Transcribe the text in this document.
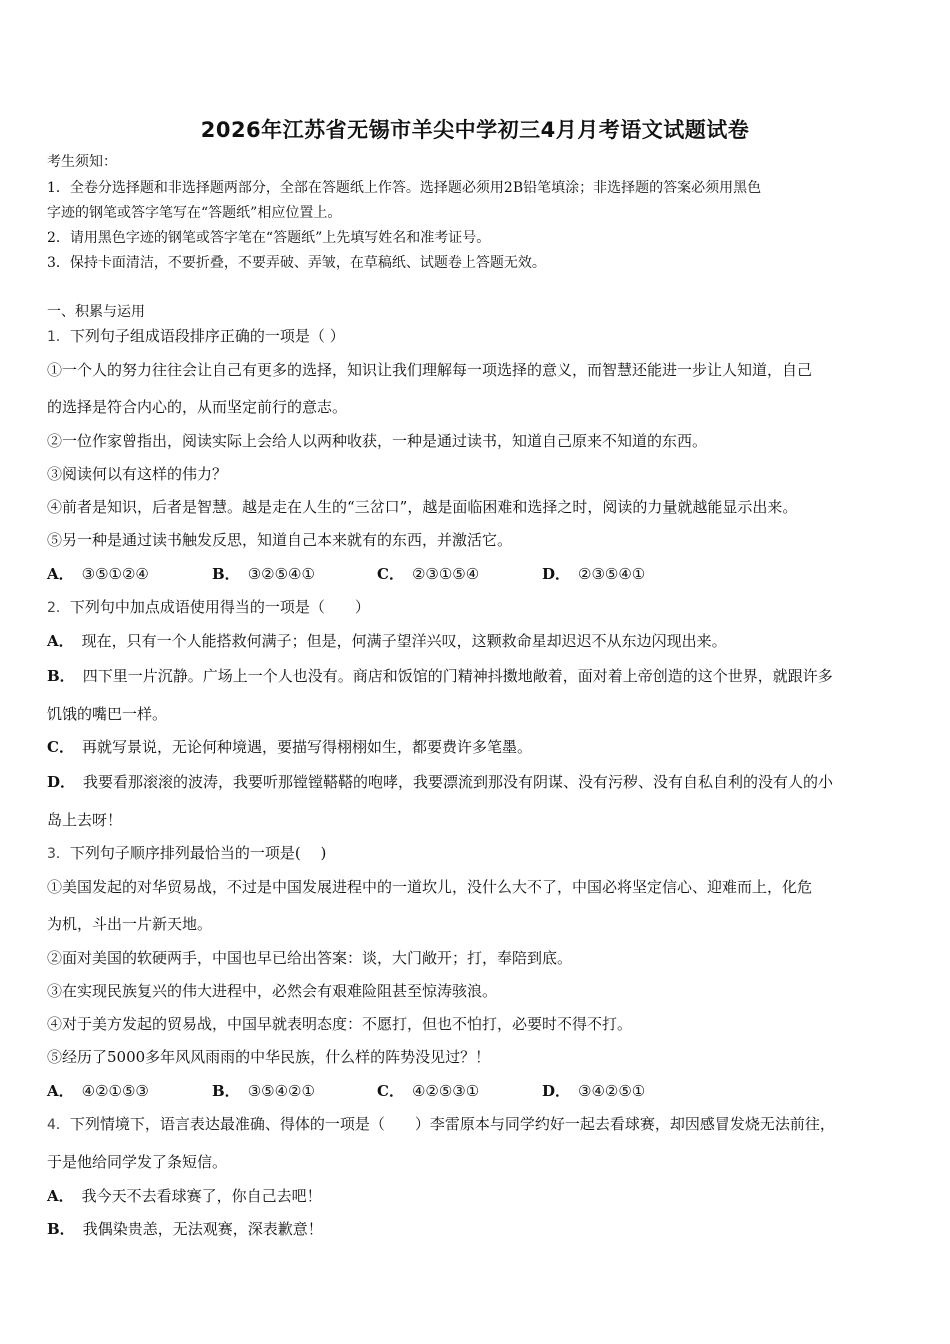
2026年江苏省无锡市羊尖中学初三4月月考语文试题试卷
考生须知：
1．全卷分选择题和非选择题两部分，全部在答题纸上作答。选择题必须用2B铅笔填涂；非选择题的答案必须用黑色
字迹的钢笔或答字笔写在“答题纸”相应位置上。
2．请用黑色字迹的钢笔或答字笔在“答题纸”上先填写姓名和准考证号。
3．保持卡面清洁，不要折叠，不要弄破、弄皱，在草稿纸、试题卷上答题无效。
一、积累与运用
1．下列句子组成语段排序正确的一项是（ ）
①一个人的努力往往会让自己有更多的选择，知识让我们理解每一项选择的意义，而智慧还能进一步让人知道，自己
的选择是符合内心的，从而坚定前行的意志。
②一位作家曾指出，阅读实际上会给人以两种收获，一种是通过读书，知道自己原来不知道的东西。
③阅读何以有这样的伟力？
④前者是知识，后者是智慧。越是走在人生的“三岔口”，越是面临困难和选择之时，阅读的力量就越能显示出来。
⑤另一种是通过读书触发反思，知道自己本来就有的东西，并激活它。
A． ③⑤①②④	B． ③②⑤④①	C． ②③①⑤④	D． ②③⑤④①
2．下列句中加点成语使用得当的一项是（　　）
A． 现在，只有一个人能搭救何满子；但是，何满子望洋兴叹，这颗救命星却迟迟不从东边闪现出来。
B． 四下里一片沉静。广场上一个人也没有。商店和饭馆的门精神抖擞地敞着，面对着上帝创造的这个世界，就跟许多
饥饿的嘴巴一样。
C． 再就写景说，无论何种境遇，要描写得栩栩如生，都要费许多笔墨。
D． 我要看那滚滚的波涛，我要听那镗镗鞳鞳的咆哮，我要漂流到那没有阴谋、没有污秽、没有自私自利的没有人的小
岛上去呀！
3．下列句子顺序排列最恰当的一项是( 　)
①美国发起的对华贸易战，不过是中国发展进程中的一道坎儿，没什么大不了，中国必将坚定信心、迎难而上，化危
为机，斗出一片新天地。
②面对美国的软硬两手，中国也早已给出答案：谈，大门敞开；打，奉陪到底。
③在实现民族复兴的伟大进程中，必然会有艰难险阻甚至惊涛骇浪。
④对于美方发起的贸易战，中国早就表明态度：不愿打，但也不怕打，必要时不得不打。
⑤经历了5000多年风风雨雨的中华民族，什么样的阵势没见过？！
A． ④②①⑤③	B． ③⑤④②①	C． ④②⑤③①	D． ③④②⑤①
4．下列情境下，语言表达最准确、得体的一项是（　　）李雷原本与同学约好一起去看球赛，却因感冒发烧无法前往，
于是他给同学发了条短信。
A． 我今天不去看球赛了，你自己去吧！
B． 我偶染贵恙，无法观赛，深表歉意！
